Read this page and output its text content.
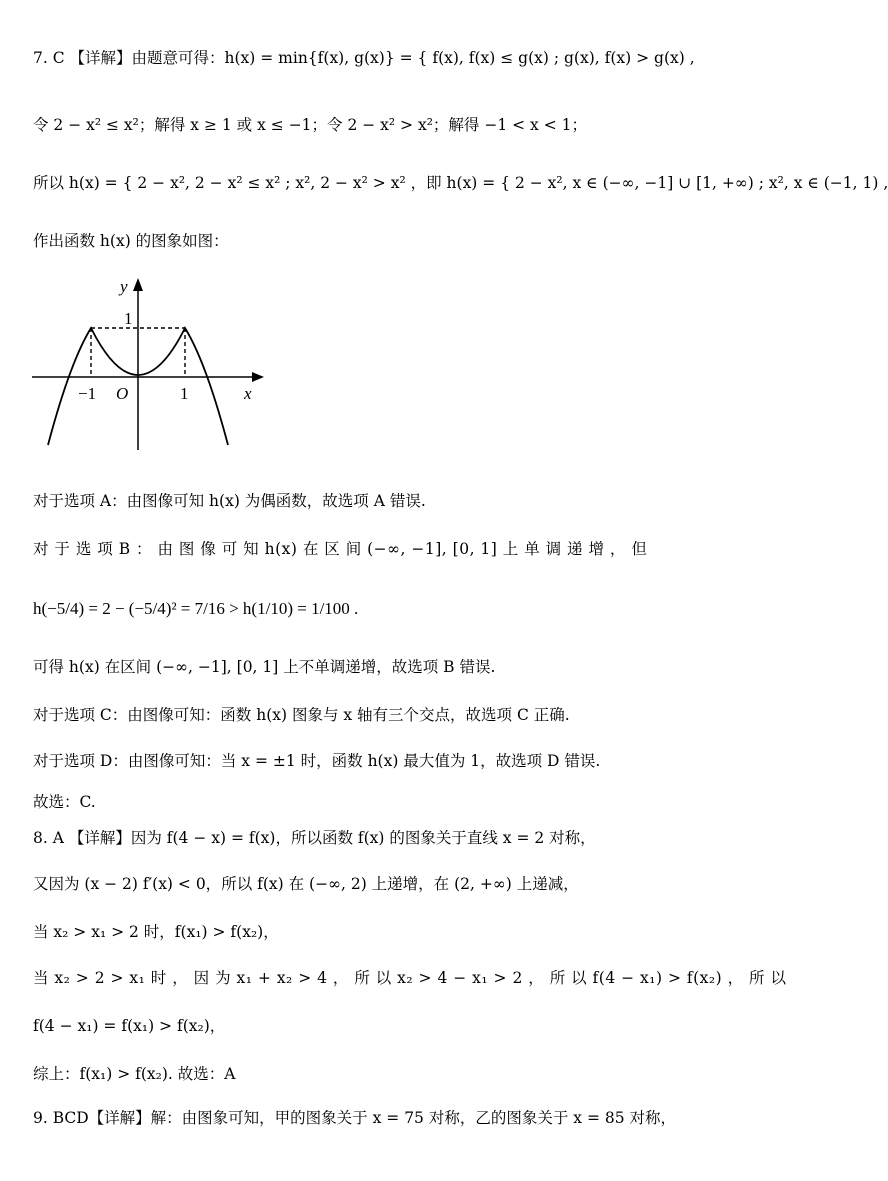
7. C 【详解】由题意可得：h(x) = min{f(x), g(x)} = { f(x), f(x) ≤ g(x) ; g(x), f(x) > g(x) ,
令 2 − x² ≤ x²；解得 x ≥ 1 或 x ≤ −1；令 2 − x² > x²；解得 −1 < x < 1；
所以 h(x) = { 2 − x², 2 − x² ≤ x² ; x², 2 − x² > x² ，即 h(x) = { 2 − x², x ∈ (−∞, −1] ∪ [1, +∞) ; x², x ∈ (−1, 1) ,
作出函数 h(x) 的图象如图：
y
x
O
−1	1
1
对于选项 A：由图像可知 h(x) 为偶函数，故选项 A 错误.
对 于 选 项 B ： 由 图 像 可 知 h(x) 在 区 间 (−∞, −1], [0, 1] 上 单 调 递 增 ， 但
h(−5/4) = 2 − (−5/4)² = 7/16 > h(1/10) = 1/100 .
可得 h(x) 在区间 (−∞, −1], [0, 1] 上不单调递增，故选项 B 错误.
对于选项 C：由图像可知：函数 h(x) 图象与 x 轴有三个交点，故选项 C 正确.
对于选项 D：由图像可知：当 x = ±1 时，函数 h(x) 最大值为 1，故选项 D 错误.
故选：C.
8. A 【详解】因为 f(4 − x) = f(x)，所以函数 f(x) 的图象关于直线 x = 2 对称，
又因为 (x − 2) f′(x) < 0，所以 f(x) 在 (−∞, 2) 上递增，在 (2, +∞) 上递减，
当 x₂ > x₁ > 2 时，f(x₁) > f(x₂)，
当 x₂ > 2 > x₁ 时 ， 因 为 x₁ + x₂ > 4 ， 所 以 x₂ > 4 − x₁ > 2 ， 所 以 f(4 − x₁) > f(x₂) ， 所 以
f(4 − x₁) = f(x₁) > f(x₂)，
综上：f(x₁) > f(x₂). 故选：A
9. BCD【详解】解：由图象可知，甲的图象关于 x = 75 对称，乙的图象关于 x = 85 对称，
